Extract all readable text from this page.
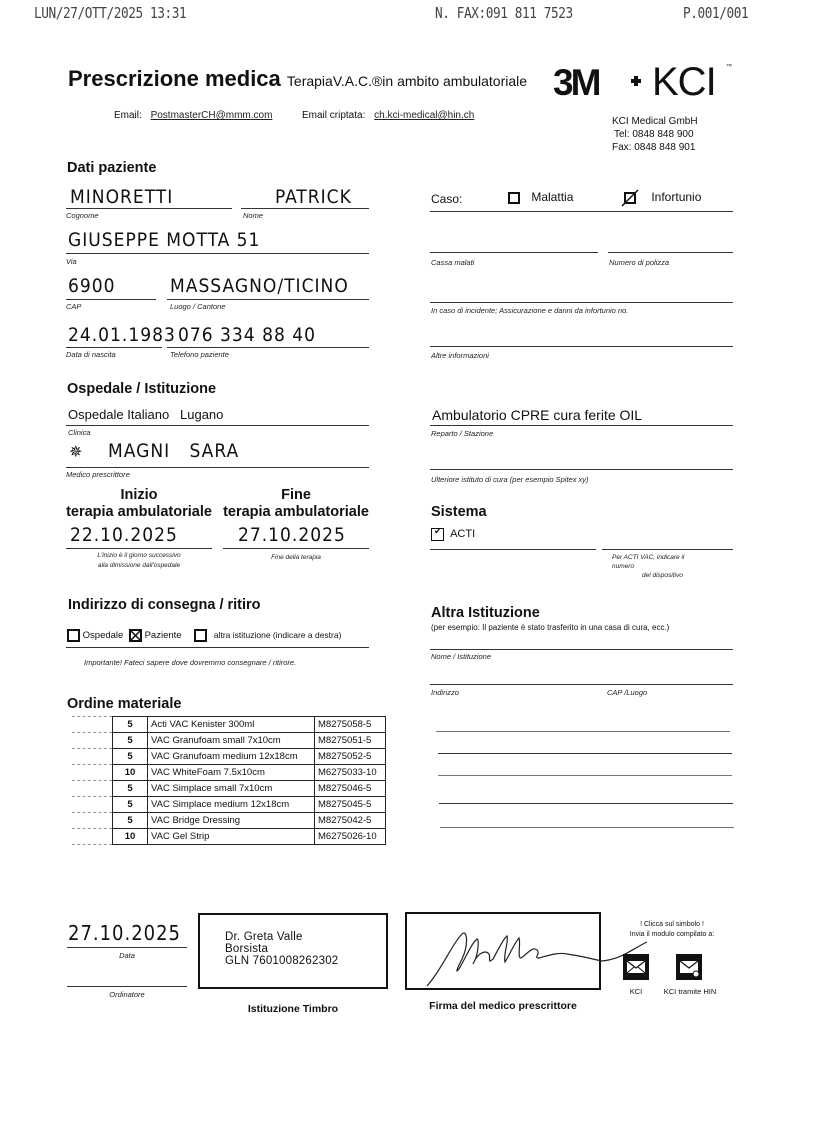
LUN/27/OTT/2025 13:31	N. FAX:091 811 7523	P.001/001
Prescrizione medica TerapiaV.A.C.®in ambito ambulatoriale
Email: PostmasterCH@mmm.com	Email criptata: ch.kci-medical@hin.ch
3M KCI ™
KCI Medical GmbH
Tel: 0848 848 900
Fax: 0848 848 901
Dati paziente
MINORETTI
Cognome
PATRICK
Nome
GIUSEPPE MOTTA 51
Via
6900
CAP
MASSAGNO/TICINO
Luogo / Cantone
24.01.1983
Data di nascita
076 334 88 40
Telefono paziente
Caso:	Malattia	Infortunio
Cassa malati	Numero di polizza
In caso di incidente; Assicurazione e danni da infortunio no.
Altre informazioni
Ospedale / Istituzione
Ospedale Italiano   Lugano
Clinica
✵ MAGNI   SARA
Medico prescrittore
Ambulatorio CPRE cura ferite OIL
Reparto / Stazione
Ulteriore istituto di cura (per esempio Spitex xy)
Inizio
terapia ambulatoriale
22.10.2025
L'inizio è il giorno successivo
alla dimissione dall'ospedale
Fine
terapia ambulatoriale
27.10.2025
Fine della terapia
Sistema
✔ ACTI
Per ACTI VAC, indicare il
numero
del dispositivo
Indirizzo di consegna / ritiro
Ospedale Paziente	altra istituzione (indicare a destra)
Importante! Fateci sapere dove dovremmo consegnare / ritirore.
Altra Istituzione
(per esempio: Il paziente è stato trasferito in una casa di cura, ecc.)
Nome / Istituzione
Indirizzo	CAP /Luogo
Ordine materiale
	5	Acti VAC Kenister 300ml	M8275058-5
	5	VAC Granufoam small 7x10cm	M8275051-5
	5	VAC Granufoam medium 12x18cm	M8275052-5
	10	VAC WhiteFoam 7.5x10cm	M6275033-10
	5	VAC Simplace small 7x10cm	M8275046-5
	5	VAC Simplace medium 12x18cm	M8275045-5
	5	VAC Bridge Dressing	M8275042-5
	10	VAC Gel Strip	M6275026-10
27.10.2025
Data
Ordinatore
Dr. Greta Valle
Borsista
GLN 7601008262302
Istituzione Timbro	Firma del medico prescrittore
! Clicca sul simbolo !
Invia il modulo compilato a:
KCI	KCI tramite HIN
